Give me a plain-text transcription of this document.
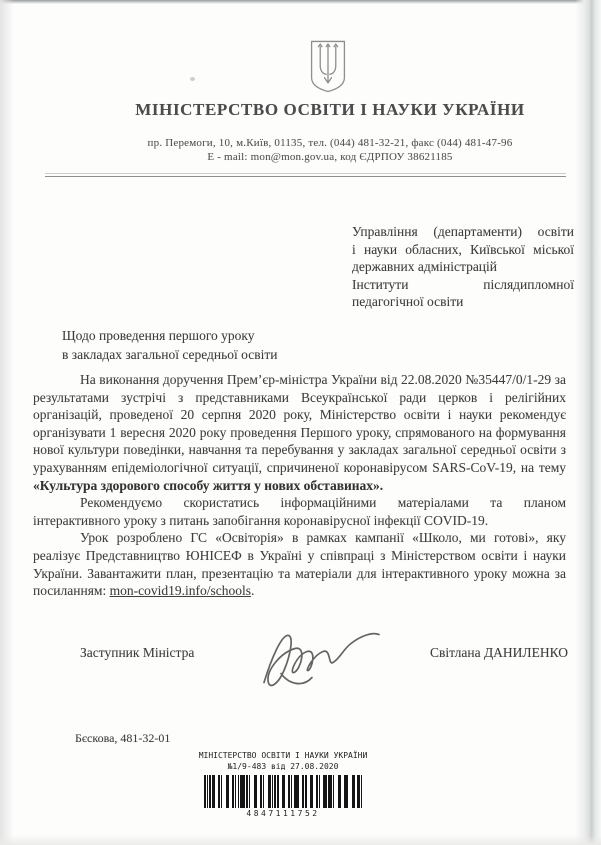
МІНІСТЕРСТВО ОСВІТИ І НАУКИ УКРАЇНИ
пр. Перемоги, 10, м.Київ, 01135, тел. (044) 481-32-21, факс (044) 481-47-96
Е - mail: mon@mon.gov.ua, код ЄДРПОУ 38621185
Управління (департаменти) освіти
і науки обласних, Київської міської
державних адміністрацій
Інститути післядипломної
педагогічної освіти
Щодо проведення першого уроку
в закладах загальної середньої освіти

На виконання доручення Прем’єр-міністра України від 22.08.2020 №35447/0/1-29 за результатами зустрічі з представниками Всеукраїнської ради церков і релігійних організацій, проведеної 20 серпня 2020 року, Міністерство освіти і науки рекомендує організувати 1 вересня 2020 року проведення Першого уроку, спрямованого на формування нової культури поведінки, навчання та перебування у закладах загальної середньої освіти з урахуванням епідеміологічної ситуації, спричиненої коронавірусом SARS-CoV-19, на тему «Культура здорового способу життя у нових обставинах».

Рекомендуємо скористатись інформаційними матеріалами та планом інтерактивного уроку з питань запобігання коронавірусної інфекції COVID-19.

Урок розроблено ГС «Освіторія» в рамках кампанії «Школо, ми готові», яку реалізує Представництво ЮНІСЕФ в Україні у співпраці з Міністерством освіти і науки України. Завантажити план, презентацію та матеріали для інтерактивного уроку можна за посиланням: mon-covid19.info/schools.

Заступник Міністра	Світлана ДАНИЛЕНКО
Бєскова, 481-32-01
МІНІСТЕРСТВО ОСВІТИ І НАУКИ УКРАЇНИ
№1/9-483 від 27.08.2020
4847111752
